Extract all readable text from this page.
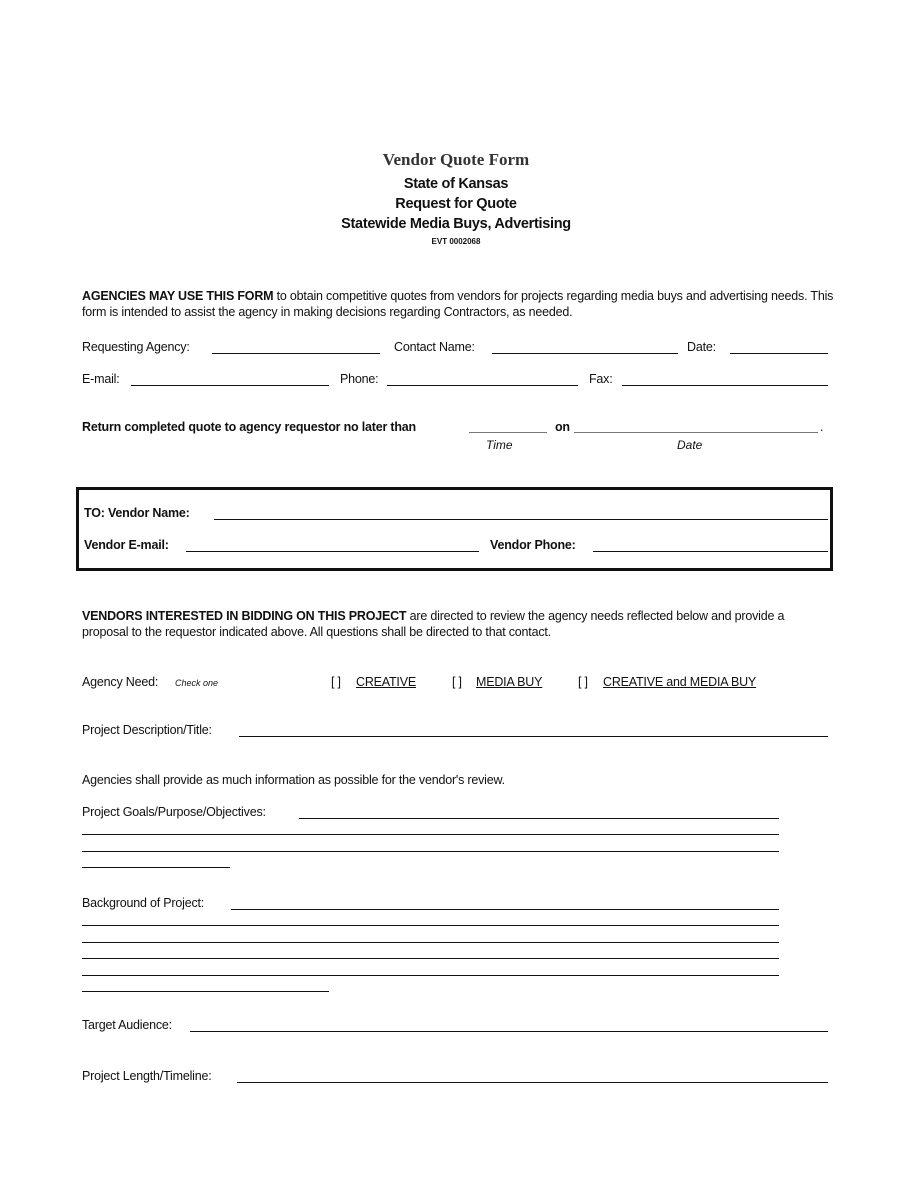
Vendor Quote Form
State of Kansas
Request for Quote
Statewide Media Buys, Advertising
EVT 0002068
AGENCIES MAY USE THIS FORM to obtain competitive quotes from vendors for projects regarding media buys and advertising needs. This form is intended to assist the agency in making decisions regarding Contractors, as needed.
Requesting Agency:	Contact Name:	Date:
E-mail:	Phone:	Fax:
Return completed quote to agency requestor no later than	on	.
Time	Date
TO: Vendor Name:
Vendor E-mail:	Vendor Phone:
VENDORS INTERESTED IN BIDDING ON THIS PROJECT are directed to review the agency needs reflected below and provide a proposal to the requestor indicated above. All questions shall be directed to that contact.
Agency Need: Check one	[ ] CREATIVE	[ ] MEDIA BUY	[ ] CREATIVE and MEDIA BUY
Project Description/Title:
Agencies shall provide as much information as possible for the vendor's review.
Project Goals/Purpose/Objectives:
Background of Project:
Target Audience:
Project Length/Timeline:
